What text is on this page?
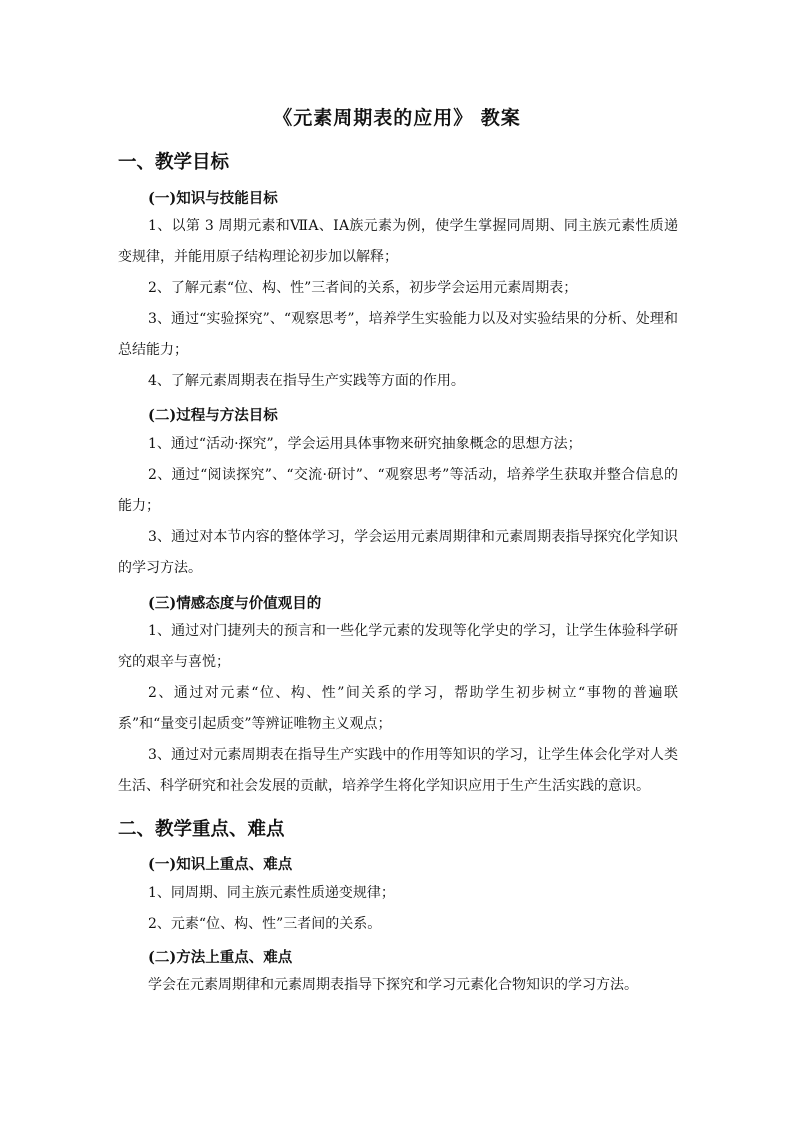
《元素周期表的应用》 教案
一、教学目标
(一)知识与技能目标
1、以第 3 周期元素和ⅦA、ⅠA族元素为例，使学生掌握同周期、同主族元素性质递变规律，并能用原子结构理论初步加以解释；
2、了解元素“位、构、性”三者间的关系，初步学会运用元素周期表；
3、通过“实验探究”、“观察思考”，培养学生实验能力以及对实验结果的分析、处理和总结能力；
4、了解元素周期表在指导生产实践等方面的作用。
(二)过程与方法目标
1、通过“活动·探究”，学会运用具体事物来研究抽象概念的思想方法；
2、通过“阅读探究”、“交流·研讨”、“观察思考”等活动，培养学生获取并整合信息的能力；
3、通过对本节内容的整体学习，学会运用元素周期律和元素周期表指导探究化学知识的学习方法。
(三)情感态度与价值观目的
1、通过对门捷列夫的预言和一些化学元素的发现等化学史的学习，让学生体验科学研究的艰辛与喜悦；
2、通过对元素“位、构、性”间关系的学习，帮助学生初步树立“事物的普遍联系”和“量变引起质变”等辨证唯物主义观点；
3、通过对元素周期表在指导生产实践中的作用等知识的学习，让学生体会化学对人类生活、科学研究和社会发展的贡献，培养学生将化学知识应用于生产生活实践的意识。
二、教学重点、难点
(一)知识上重点、难点
1、同周期、同主族元素性质递变规律；
2、元素“位、构、性”三者间的关系。
(二)方法上重点、难点
学会在元素周期律和元素周期表指导下探究和学习元素化合物知识的学习方法。
